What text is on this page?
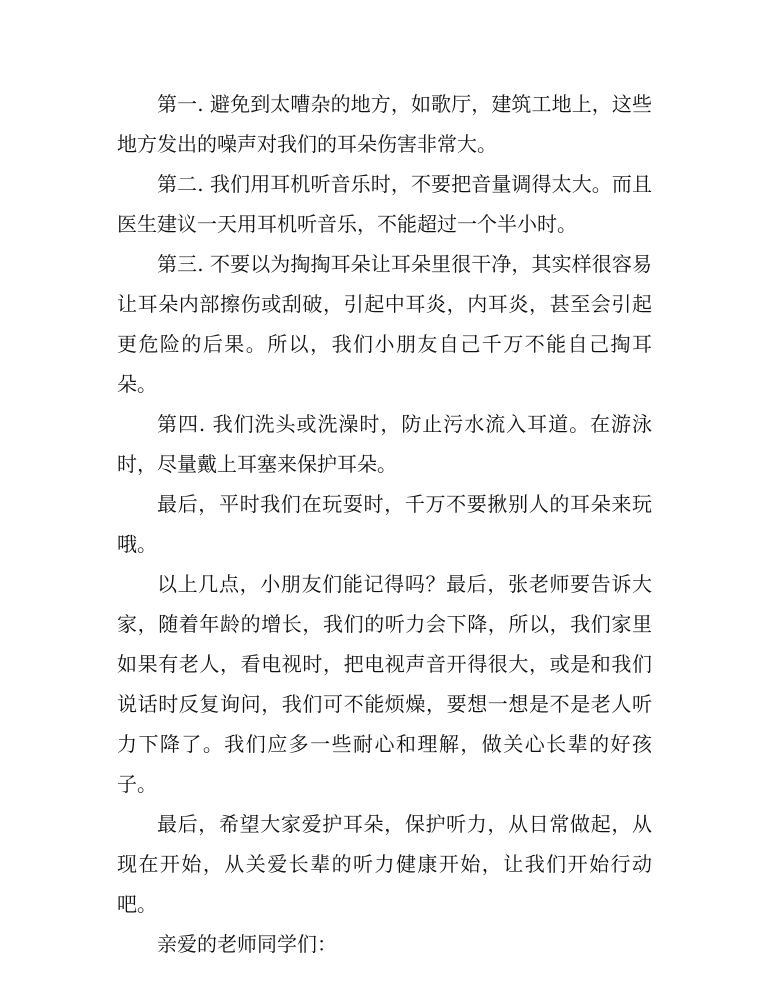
第一. 避免到太嘈杂的地方，如歌厅，建筑工地上，这些地方发出的噪声对我们的耳朵伤害非常大。

第二. 我们用耳机听音乐时，不要把音量调得太大。而且医生建议一天用耳机听音乐，不能超过一个半小时。

第三. 不要以为掏掏耳朵让耳朵里很干净，其实样很容易让耳朵内部擦伤或刮破，引起中耳炎，内耳炎，甚至会引起更危险的后果。所以，我们小朋友自己千万不能自己掏耳朵。

第四. 我们洗头或洗澡时，防止污水流入耳道。在游泳时，尽量戴上耳塞来保护耳朵。

最后，平时我们在玩耍时，千万不要揪别人的耳朵来玩哦。

以上几点，小朋友们能记得吗？最后，张老师要告诉大家，随着年龄的增长，我们的听力会下降，所以，我们家里如果有老人，看电视时，把电视声音开得很大，或是和我们说话时反复询问，我们可不能烦燥，要想一想是不是老人听力下降了。我们应多一些耐心和理解，做关心长辈的好孩子。

最后，希望大家爱护耳朵，保护听力，从日常做起，从现在开始，从关爱长辈的听力健康开始，让我们开始行动吧。

亲爱的老师同学们：
